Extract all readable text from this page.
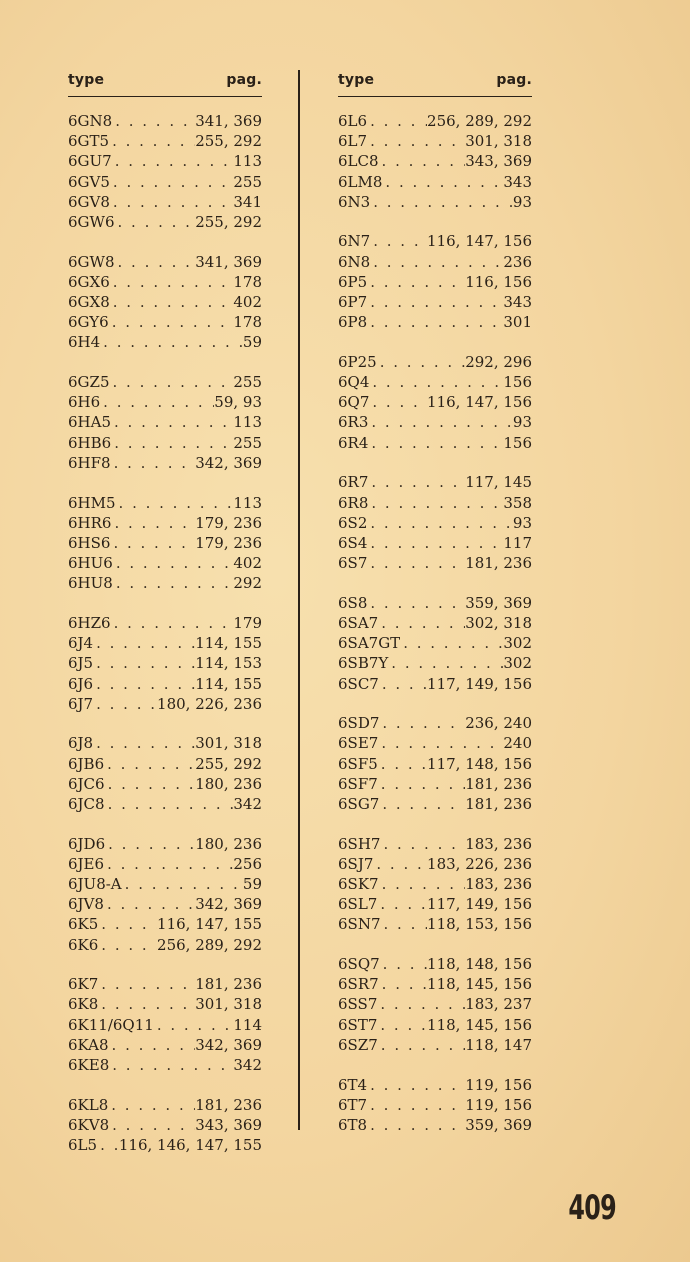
type	pag.
6GN8 . . .	341, 369
6GT5 . . .	255, 292
6GU7 . . .	113
6GV5 . . .	255
6GV8 . . .	341
6GW6 . . .	255, 292
6GW8 . . .	341, 369
6GX6 . . .	178
6GX8 . . .	402
6GY6 . . .	178
6H4 . . .	59
6GZ5 . . .	255
6H6 . . .	59, 93
6HA5 . . .	113
6HB6 . . .	255
6HF8 . . .	342, 369
6HM5 . . .	113
6HR6 . . .	179, 236
6HS6 . . .	179, 236
6HU6 . . .	402
6HU8 . . .	292
6HZ6 . . .	179
6J4 . . .	114, 155
6J5 . . .	114, 153
6J6 . . .	114, 155
6J7 . . .	180, 226, 236
6J8 . . .	301, 318
6JB6 . . .	255, 292
6JC6 . . .	180, 236
6JC8 . . .	342
6JD6 . . .	180, 236
6JE6 . . .	256
6JU8-A . . .	59
6JV8 . . .	342, 369
6K5 . . .	116, 147, 155
6K6 . . .	256, 289, 292
6K7 . . .	181, 236
6K8 . . .	301, 318
6K11/6Q11 . . .	114
6KA8 . . .	342, 369
6KE8 . . .	342
6KL8 . . .	181, 236
6KV8 . . .	343, 369
6L5 . . . 116, 146, 147, 155
type	pag.
6L6 . . .	256, 289, 292
6L7 . . .	301, 318
6LC8 . . .	343, 369
6LM8 . . .	343
6N3 . . .	93
6N7 . . .	116, 147, 156
6N8 . . .	236
6P5 . . .	116, 156
6P7 . . .	343
6P8 . . .	301
6P25 . . .	292, 296
6Q4 . . .	156
6Q7 . . .	116, 147, 156
6R3 . . .	93
6R4 . . .	156
6R7 . . .	117, 145
6R8 . . .	358
6S2 . . .	93
6S4 . . .	117
6S7 . . .	181, 236
6S8 . . .	359, 369
6SA7 . . .	302, 318
6SA7GT . . .	302
6SB7Y . . .	302
6SC7 . . .	117, 149, 156
6SD7 . . .	236, 240
6SE7 . . .	240
6SF5 . . .	117, 148, 156
6SF7 . . .	181, 236
6SG7 . . .	181, 236
6SH7 . . .	183, 236
6SJ7 . . .	183, 226, 236
6SK7 . . .	183, 236
6SL7 . . .	117, 149, 156
6SN7 . . .	118, 153, 156
6SQ7 . . .	118, 148, 156
6SR7 . . .	118, 145, 156
6SS7 . . .	183, 237
6ST7 . . .	118, 145, 156
6SZ7 . . .	118, 147
6T4 . . .	119, 156
6T7 . . .	119, 156
6T8 . . .	359, 369
409
